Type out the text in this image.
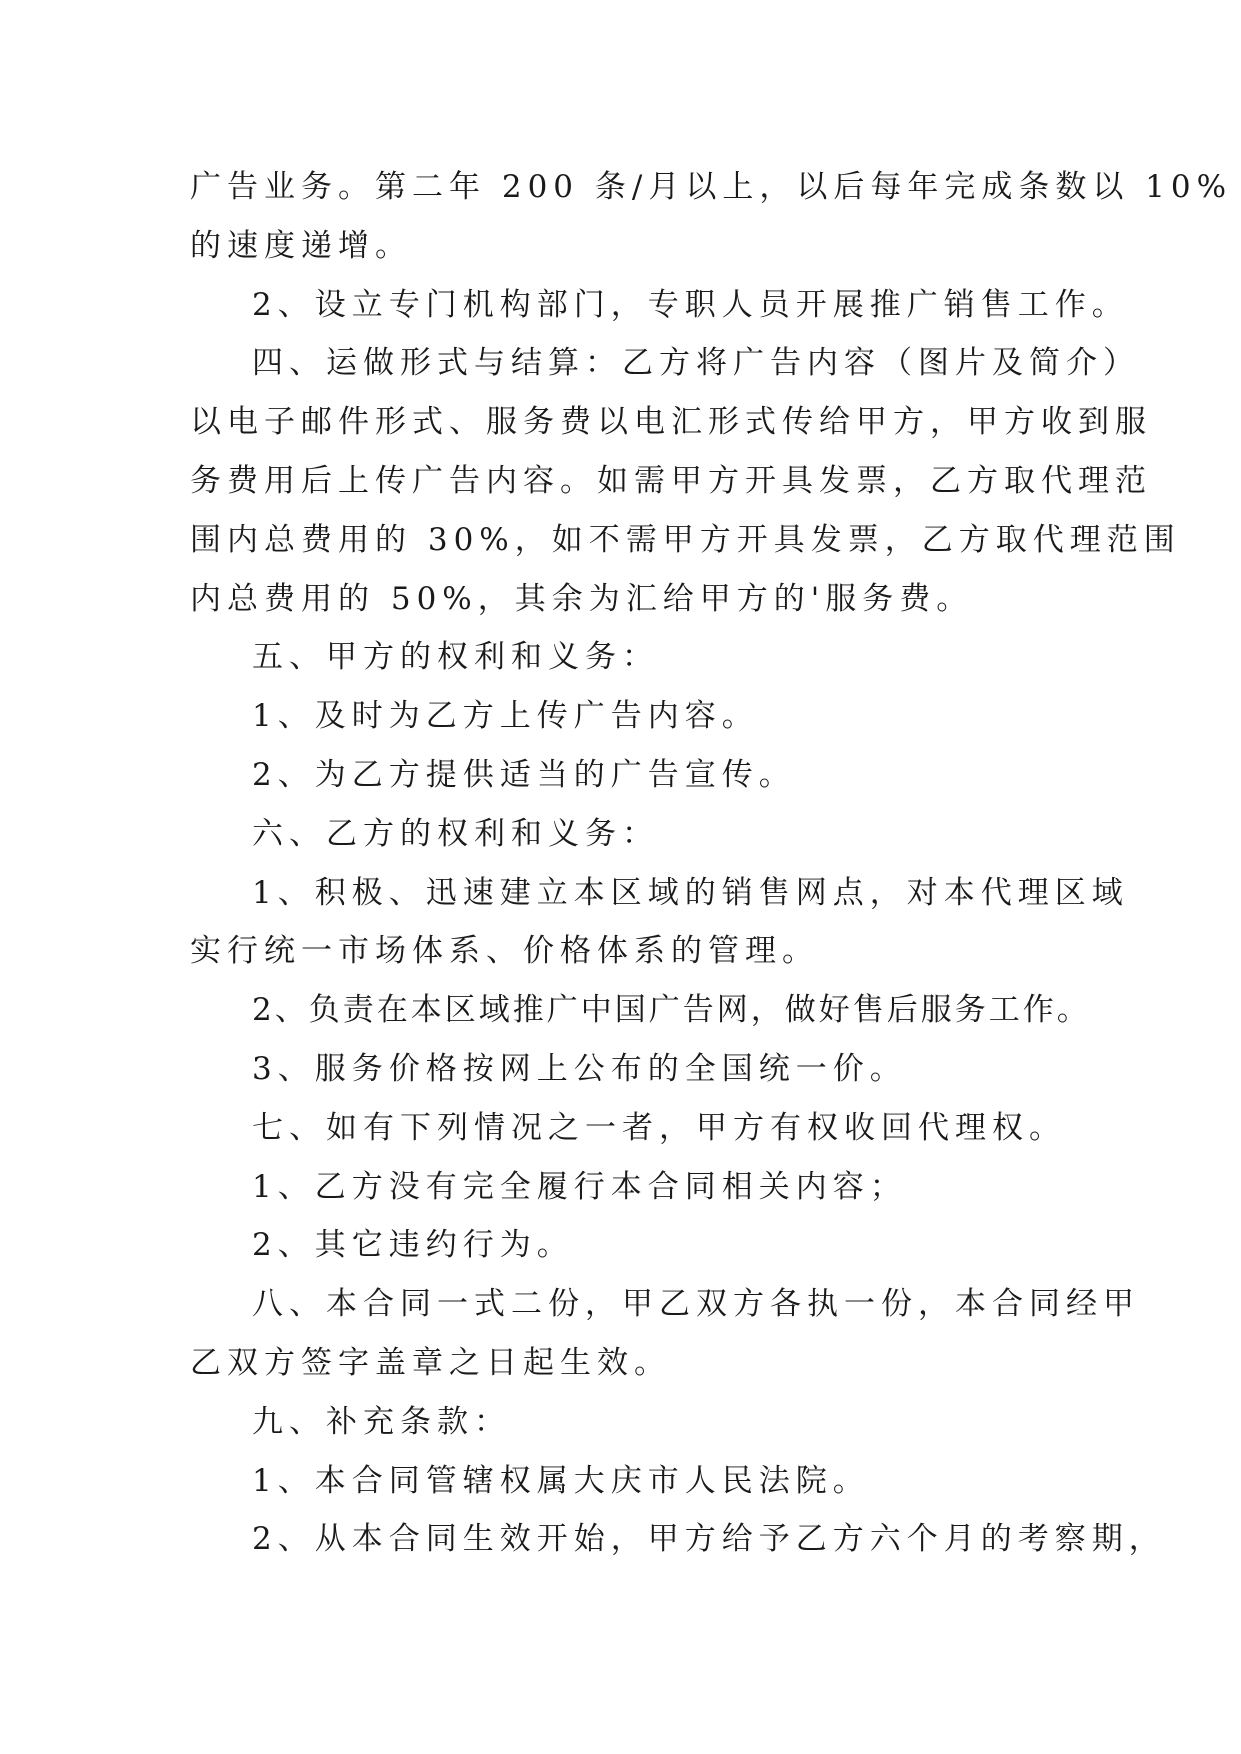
广告业务。第二年 200 条/月以上，以后每年完成条数以 10%
的速度递增。
2、设立专门机构部门，专职人员开展推广销售工作。
四、运做形式与结算：乙方将广告内容（图片及简介）
以电子邮件形式、服务费以电汇形式传给甲方，甲方收到服
务费用后上传广告内容。如需甲方开具发票，乙方取代理范
围内总费用的 30%，如不需甲方开具发票，乙方取代理范围
内总费用的 50%，其余为汇给甲方的'服务费。
五、甲方的权利和义务：
1、及时为乙方上传广告内容。
2、为乙方提供适当的广告宣传。
六、乙方的权利和义务：
1、积极、迅速建立本区域的销售网点，对本代理区域
实行统一市场体系、价格体系的管理。
2、负责在本区域推广中国广告网，做好售后服务工作。
3、服务价格按网上公布的全国统一价。
七、如有下列情况之一者，甲方有权收回代理权。
1、乙方没有完全履行本合同相关内容；
2、其它违约行为。
八、本合同一式二份，甲乙双方各执一份，本合同经甲
乙双方签字盖章之日起生效。
九、补充条款：
1、本合同管辖权属大庆市人民法院。
2、从本合同生效开始，甲方给予乙方六个月的考察期，
